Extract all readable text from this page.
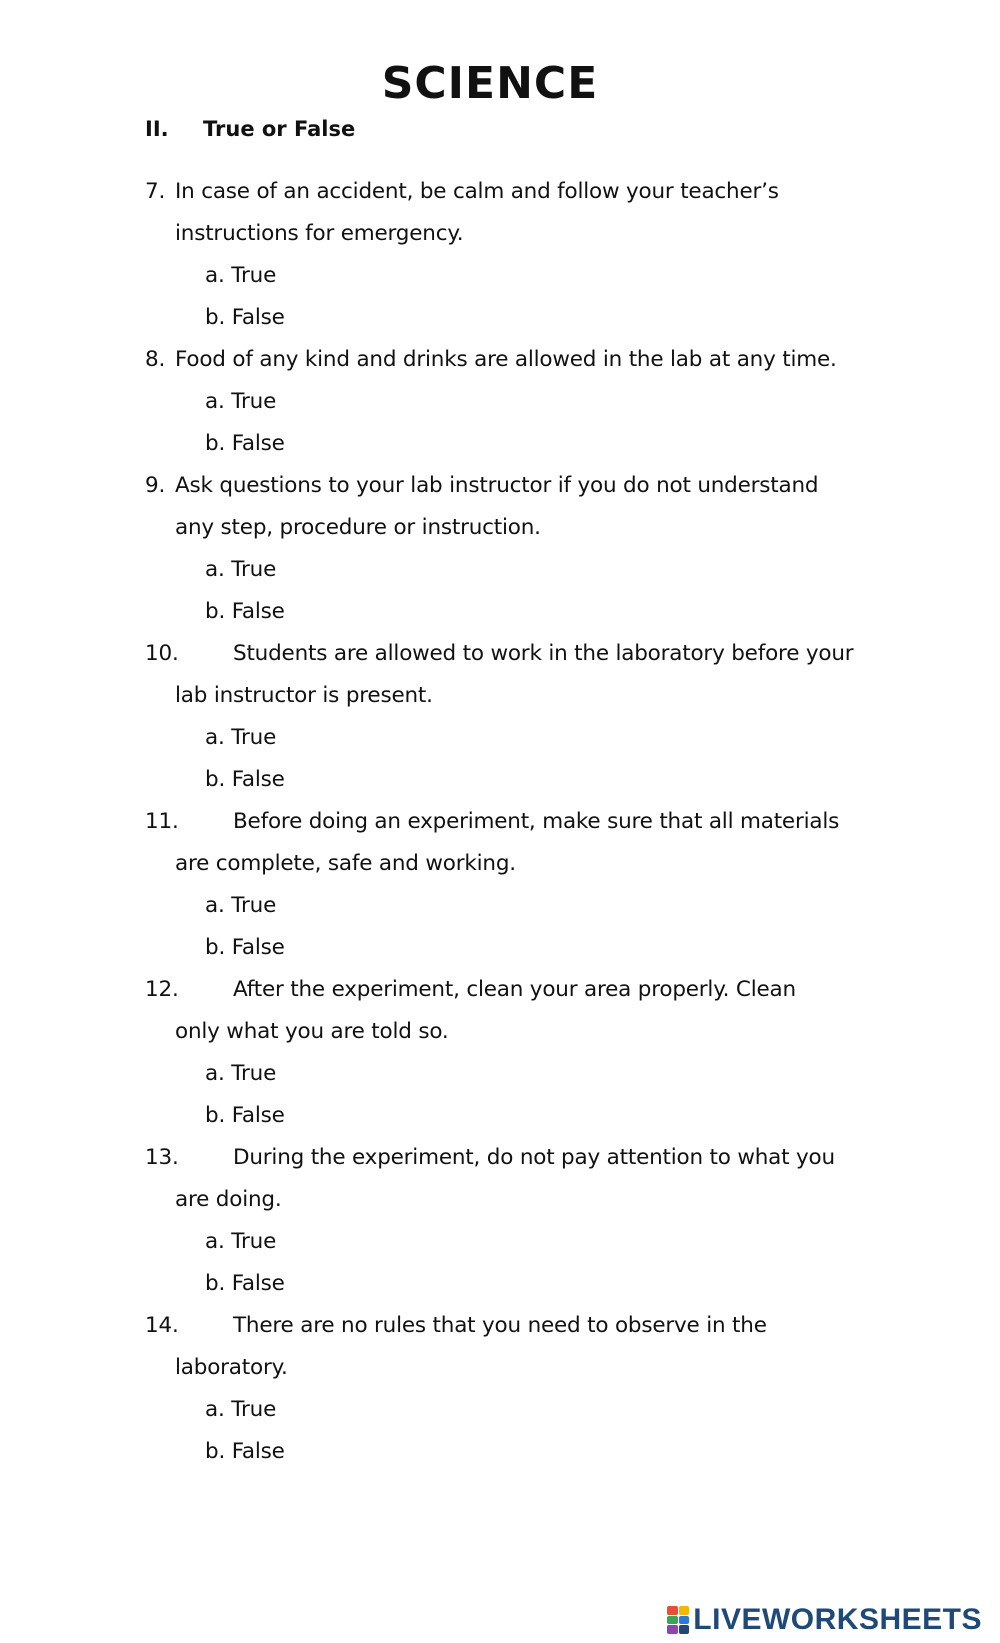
SCIENCE
II. True or False
7. In case of an accident, be calm and follow your teacher’s
instructions for emergency.
a. True
b. False
8. Food of any kind and drinks are allowed in the lab at any time.
a. True
b. False
9. Ask questions to your lab instructor if you do not understand
any step, procedure or instruction.
a. True
b. False
10.	Students are allowed to work in the laboratory before your
lab instructor is present.
a. True
b. False
11.	Before doing an experiment, make sure that all materials
are complete, safe and working.
a. True
b. False
12.	After the experiment, clean your area properly. Clean
only what you are told so.
a. True
b. False
13.	During the experiment, do not pay attention to what you
are doing.
a. True
b. False
14.	There are no rules that you need to observe in the
laboratory.
a. True
b. False
LIVEWORKSHEETS
